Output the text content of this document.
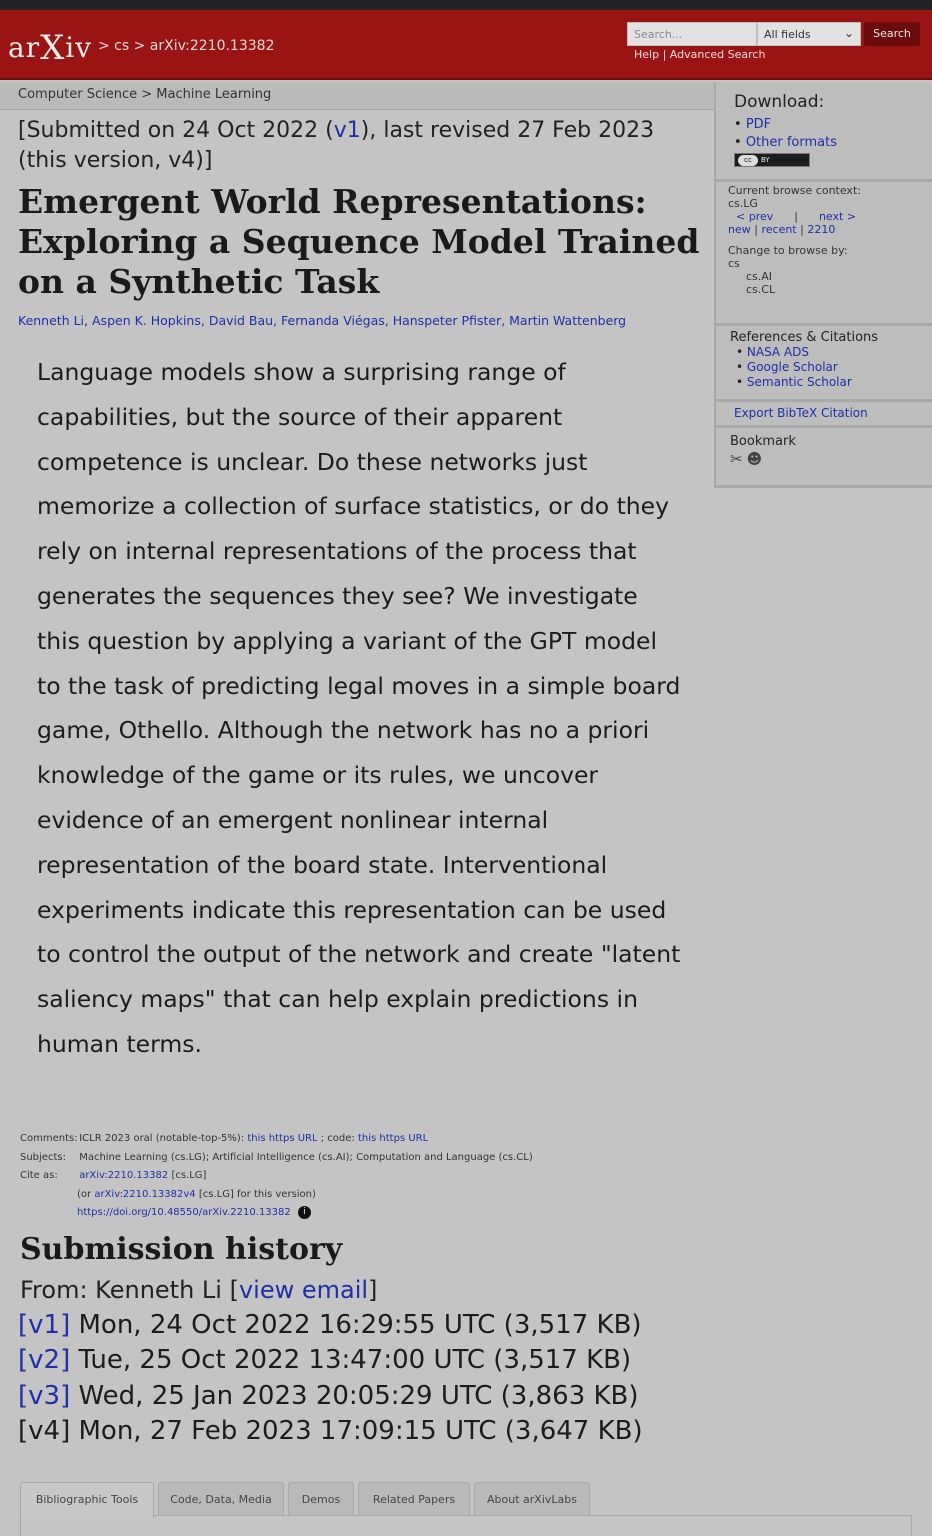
arXiv > cs > arXiv:2210.13382
Search...	All fields	⌄	Search
Help | Advanced Search
Computer Science > Machine Learning
[Submitted on 24 Oct 2022 (v1), last revised 27 Feb 2023 (this version, v4)]
Emergent World Representations: Exploring a Sequence Model Trained on a Synthetic Task
Kenneth Li, Aspen K. Hopkins, David Bau, Fernanda Viégas, Hanspeter Pfister, Martin Wattenberg
Language models show a surprising range of capabilities, but the source of their apparent competence is unclear. Do these networks just memorize a collection of surface statistics, or do they rely on internal representations of the process that generates the sequences they see? We investigate this question by applying a variant of the GPT model to the task of predicting legal moves in a simple board game, Othello. Although the network has no a priori knowledge of the game or its rules, we uncover evidence of an emergent nonlinear internal representation of the board state. Interventional experiments indicate this representation can be used to control the output of the network and create "latent saliency maps" that can help explain predictions in human terms.
Comments: ICLR 2023 oral (notable-top-5%): this https URL ; code: this https URL
Subjects: Machine Learning (cs.LG); Artificial Intelligence (cs.AI); Computation and Language (cs.CL)
Cite as: arXiv:2210.13382 [cs.LG]
(or arXiv:2210.13382v4 [cs.LG] for this version)
https://doi.org/10.48550/arXiv.2210.13382 i
Submission history
From: Kenneth Li [view email]
[v1] Mon, 24 Oct 2022 16:29:55 UTC (3,517 KB)
[v2] Tue, 25 Oct 2022 13:47:00 UTC (3,517 KB)
[v3] Wed, 25 Jan 2023 20:05:29 UTC (3,863 KB)
[v4] Mon, 27 Feb 2023 17:09:15 UTC (3,647 KB)
Bibliographic Tools	Code, Data, Media	Demos	Related Papers	About arXivLabs
Download:
• PDF
• Other formats
cc	BY
Current browse context:
cs.LG
< prev | next >
new | recent | 2210
Change to browse by:
cs
cs.AI
cs.CL
References & Citations
• NASA ADS
• Google Scholar
• Semantic Scholar
Export BibTeX Citation
Bookmark
✂ ☻
